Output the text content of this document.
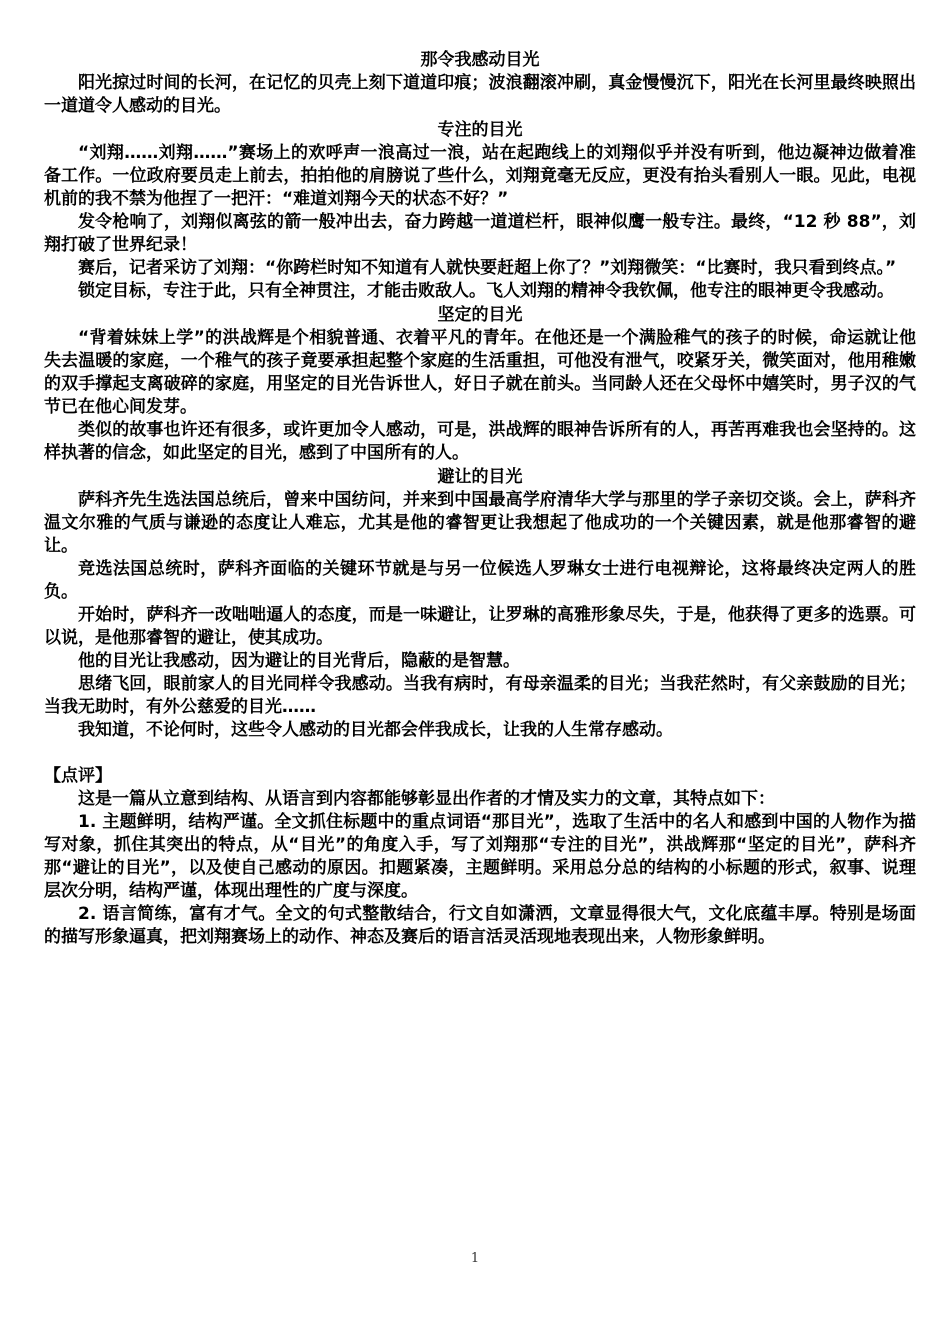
那令我感动目光

阳光掠过时间的长河，在记忆的贝壳上刻下道道印痕；波浪翻滚冲刷，真金慢慢沉下，阳光在长河里最终映照出一道道令人感动的目光。

专注的目光

“刘翔……刘翔……”赛场上的欢呼声一浪高过一浪，站在起跑线上的刘翔似乎并没有听到，他边凝神边做着准备工作。一位政府要员走上前去，拍拍他的肩膀说了些什么，刘翔竟毫无反应，更没有抬头看别人一眼。见此，电视机前的我不禁为他捏了一把汗：“难道刘翔今天的状态不好？”

发令枪响了，刘翔似离弦的箭一般冲出去，奋力跨越一道道栏杆，眼神似鹰一般专注。最终，“12 秒 88”，刘翔打破了世界纪录！

赛后，记者采访了刘翔：“你跨栏时知不知道有人就快要赶超上你了？”刘翔微笑：“比赛时，我只看到终点。”

锁定目标，专注于此，只有全神贯注，才能击败敌人。飞人刘翔的精神令我钦佩，他专注的眼神更令我感动。

坚定的目光

“背着妹妹上学”的洪战辉是个相貌普通、衣着平凡的青年。在他还是一个满脸稚气的孩子的时候，命运就让他失去温暖的家庭，一个稚气的孩子竟要承担起整个家庭的生活重担，可他没有泄气，咬紧牙关，微笑面对，他用稚嫩的双手撑起支离破碎的家庭，用坚定的目光告诉世人，好日子就在前头。当同龄人还在父母怀中嬉笑时，男子汉的气节已在他心间发芽。

类似的故事也许还有很多，或许更加令人感动，可是，洪战辉的眼神告诉所有的人，再苦再难我也会坚持的。这样执著的信念，如此坚定的目光，感到了中国所有的人。

避让的目光

萨科齐先生选法国总统后，曾来中国纺问，并来到中国最高学府清华大学与那里的学子亲切交谈。会上，萨科齐温文尔雅的气质与谦逊的态度让人难忘，尤其是他的睿智更让我想起了他成功的一个关键因素，就是他那睿智的避让。

竞选法国总统时，萨科齐面临的关键环节就是与另一位候选人罗琳女士进行电视辩论，这将最终决定两人的胜负。

开始时，萨科齐一改咄咄逼人的态度，而是一味避让，让罗琳的高雅形象尽失，于是，他获得了更多的选票。可以说，是他那睿智的避让，使其成功。

他的目光让我感动，因为避让的目光背后，隐蔽的是智慧。

思绪飞回，眼前家人的目光同样令我感动。当我有病时，有母亲温柔的目光；当我茫然时，有父亲鼓励的目光；当我无助时，有外公慈爱的目光……

我知道，不论何时，这些令人感动的目光都会伴我成长，让我的人生常存感动。

【点评】

这是一篇从立意到结构、从语言到内容都能够彰显出作者的才情及实力的文章，其特点如下：

1. 主题鲜明，结构严谨。全文抓住标题中的重点词语“那目光”，选取了生活中的名人和感到中国的人物作为描写对象，抓住其突出的特点，从“目光”的角度入手，写了刘翔那“专注的目光”，洪战辉那“坚定的目光”，萨科齐那“避让的目光”，以及使自己感动的原因。扣题紧凑，主题鲜明。采用总分总的结构的小标题的形式，叙事、说理层次分明，结构严谨，体现出理性的广度与深度。

2. 语言简练，富有才气。全文的句式整散结合，行文自如潇洒，文章显得很大气，文化底蕴丰厚。特别是场面的描写形象逼真，把刘翔赛场上的动作、神态及赛后的语言活灵活现地表现出来，人物形象鲜明。

1
